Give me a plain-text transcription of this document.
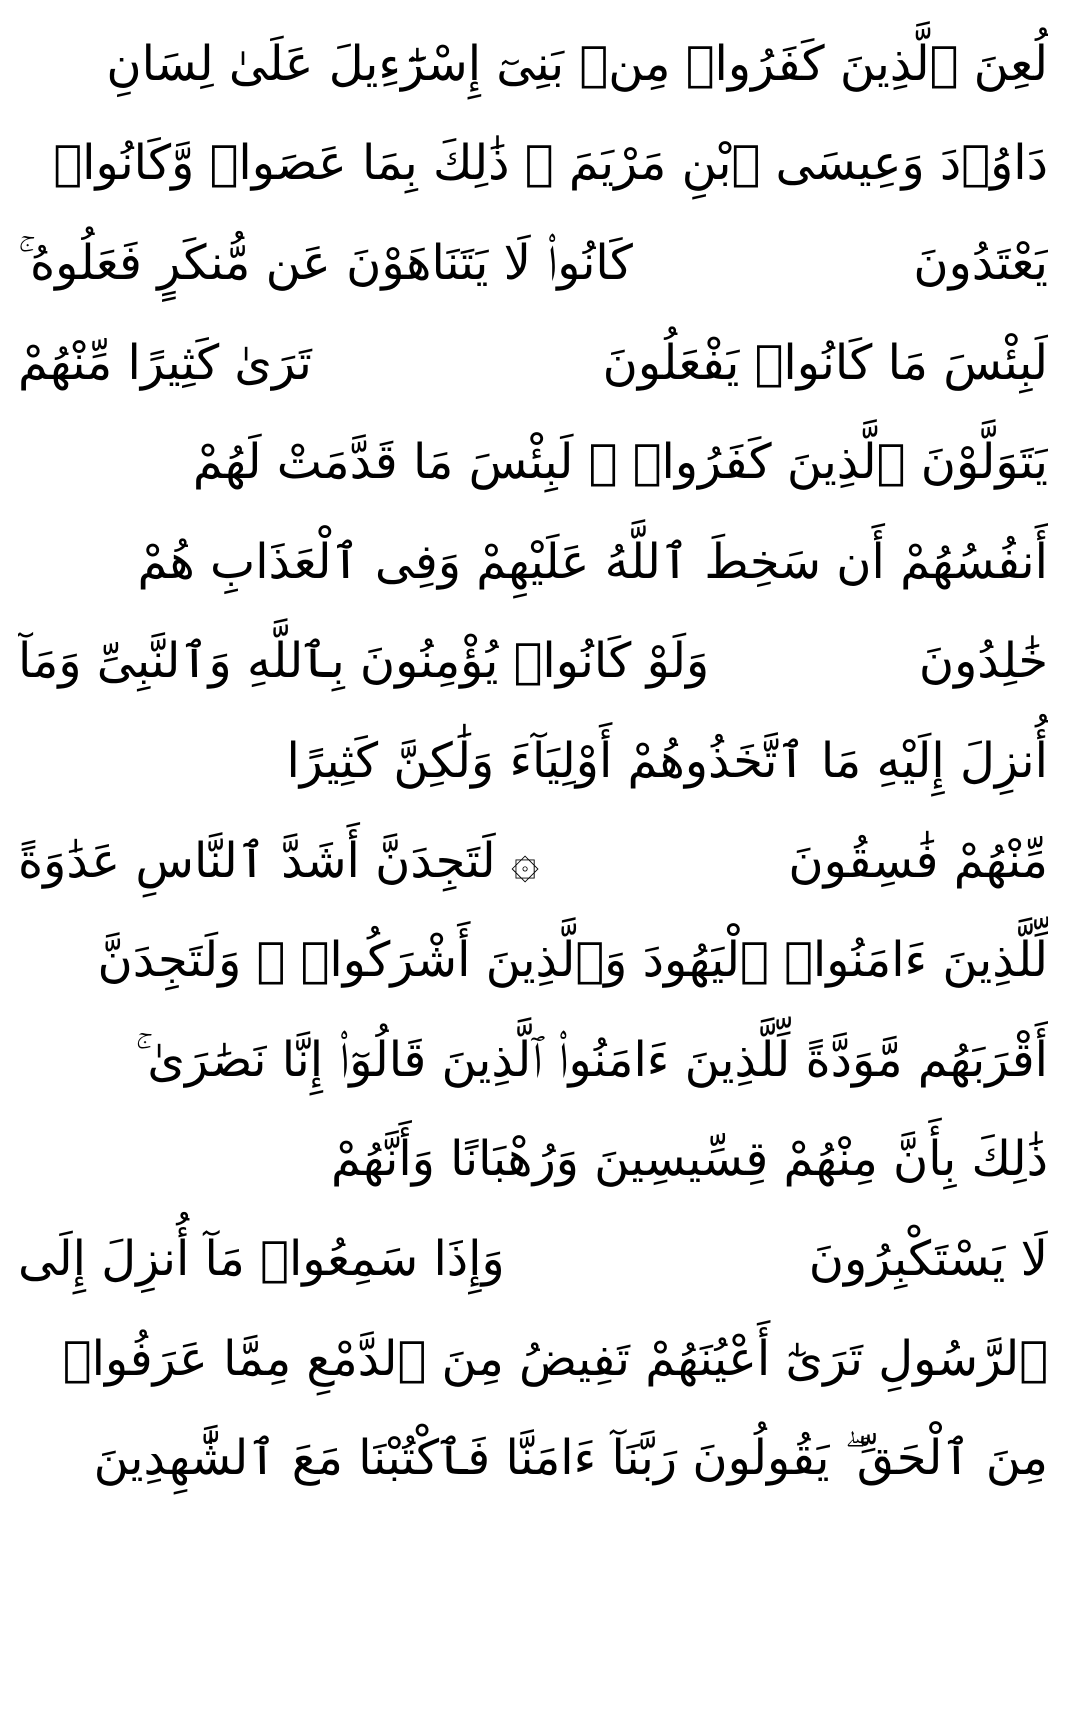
لُعِنَ ٱلَّذِينَ كَفَرُوا۟ مِنۢ بَنِىٓ إِسْرَٰٓءِيلَ عَلَىٰ لِسَانِ
دَاوُۥدَ وَعِيسَى ٱبْنِ مَرْيَمَ ۚ ذَٰلِكَ بِمَا عَصَوا۟ وَّكَانُوا۟
يَعْتَدُونَ
كَانُوا۟ لَا يَتَنَاهَوْنَ عَن مُّنكَرٍ فَعَلُوهُ ۚ
لَبِئْسَ مَا كَانُوا۟ يَفْعَلُونَ
تَرَىٰ كَثِيرًا مِّنْهُمْ
يَتَوَلَّوْنَ ٱلَّذِينَ كَفَرُوا۟ ۚ لَبِئْسَ مَا قَدَّمَتْ لَهُمْ
أَنفُسُهُمْ أَن سَخِطَ ٱللَّهُ عَلَيْهِمْ وَفِى ٱلْعَذَابِ هُمْ
خَٰلِدُونَ
وَلَوْ كَانُوا۟ يُؤْمِنُونَ بِٱللَّهِ وَٱلنَّبِىِّ وَمَآ
أُنزِلَ إِلَيْهِ مَا ٱتَّخَذُوهُمْ أَوْلِيَآءَ وَلَٰكِنَّ كَثِيرًا
مِّنْهُمْ فَٰسِقُونَ
۞ لَتَجِدَنَّ أَشَدَّ ٱلنَّاسِ عَدَٰوَةً
لِّلَّذِينَ ءَامَنُوا۟ ٱلْيَهُودَ وَٱلَّذِينَ أَشْرَكُوا۟ ۖ وَلَتَجِدَنَّ
أَقْرَبَهُم مَّوَدَّةً لِّلَّذِينَ ءَامَنُوا۟ ٱلَّذِينَ قَالُوٓا۟ إِنَّا نَصَٰرَىٰ ۚ
ذَٰلِكَ بِأَنَّ مِنْهُمْ قِسِّيسِينَ وَرُهْبَانًا وَأَنَّهُمْ
لَا يَسْتَكْبِرُونَ
وَإِذَا سَمِعُوا۟ مَآ أُنزِلَ إِلَى
ٱلرَّسُولِ تَرَىٰٓ أَعْيُنَهُمْ تَفِيضُ مِنَ ٱلدَّمْعِ مِمَّا عَرَفُوا۟
مِنَ ٱلْحَقِّ ۖ يَقُولُونَ رَبَّنَآ ءَامَنَّا فَٱكْتُبْنَا مَعَ ٱلشَّٰهِدِينَ
